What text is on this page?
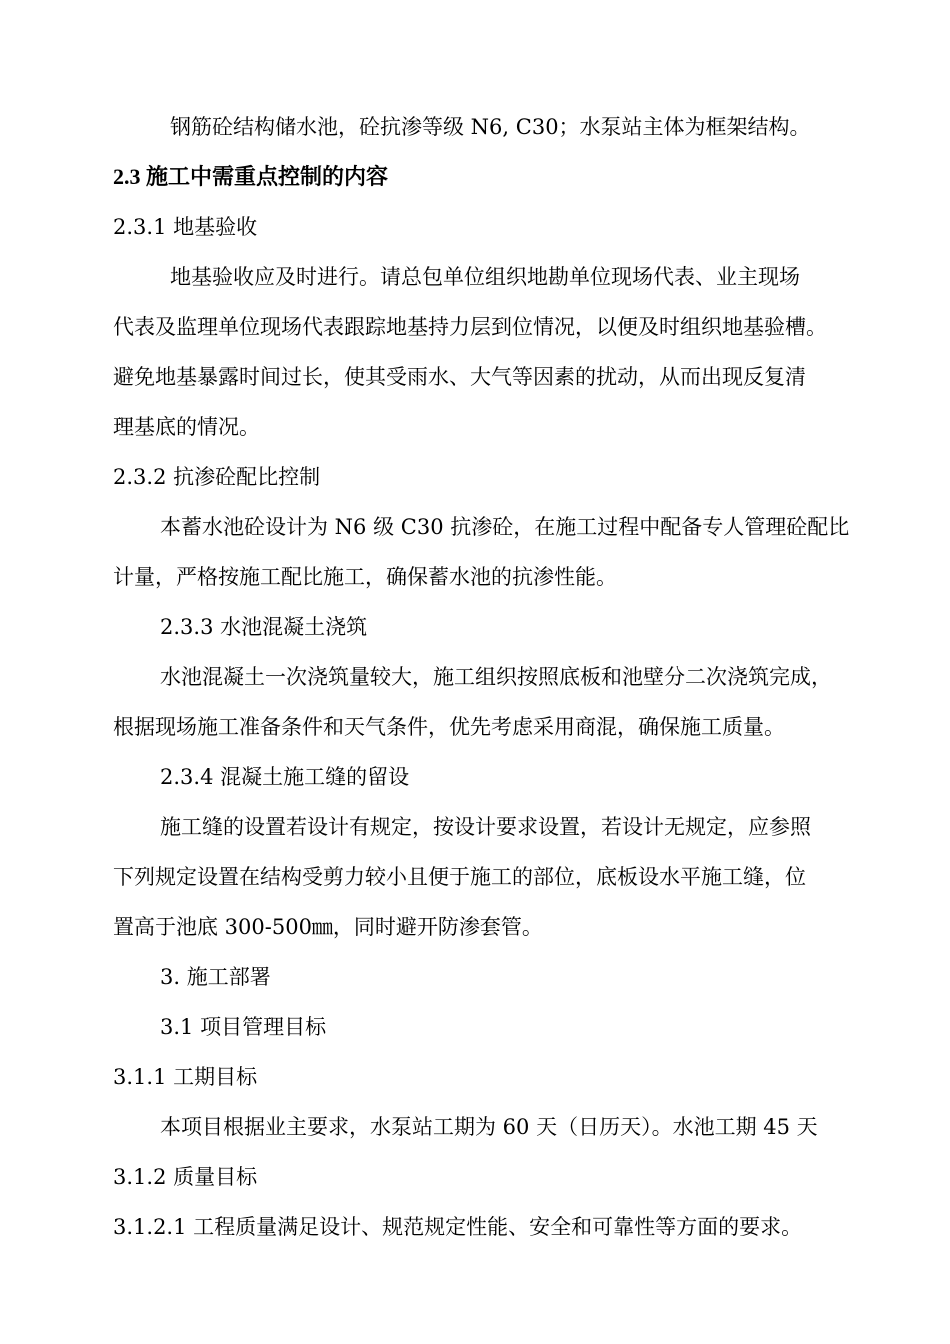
钢筋砼结构储水池，砼抗渗等级 N6, C30；水泵站主体为框架结构。

2.3 施工中需重点控制的内容

2.3.1 地基验收

地基验收应及时进行。请总包单位组织地勘单位现场代表、业主现场

代表及监理单位现场代表跟踪地基持力层到位情况，以便及时组织地基验槽。

避免地基暴露时间过长，使其受雨水、大气等因素的扰动，从而出现反复清

理基底的情况。

2.3.2 抗渗砼配比控制

本蓄水池砼设计为 N6 级 C30 抗渗砼，在施工过程中配备专人管理砼配比

计量，严格按施工配比施工，确保蓄水池的抗渗性能。

2.3.3 水池混凝土浇筑

水池混凝土一次浇筑量较大，施工组织按照底板和池壁分二次浇筑完成，

根据现场施工准备条件和天气条件，优先考虑采用商混，确保施工质量。

2.3.4 混凝土施工缝的留设

施工缝的设置若设计有规定，按设计要求设置，若设计无规定，应参照

下列规定设置在结构受剪力较小且便于施工的部位，底板设水平施工缝，位

置高于池底 300-500㎜，同时避开防渗套管。

3. 施工部署

3.1 项目管理目标

3.1.1 工期目标

本项目根据业主要求，水泵站工期为 60 天（日历天）。水池工期 45 天

3.1.2 质量目标

3.1.2.1 工程质量满足设计、规范规定性能、安全和可靠性等方面的要求。
